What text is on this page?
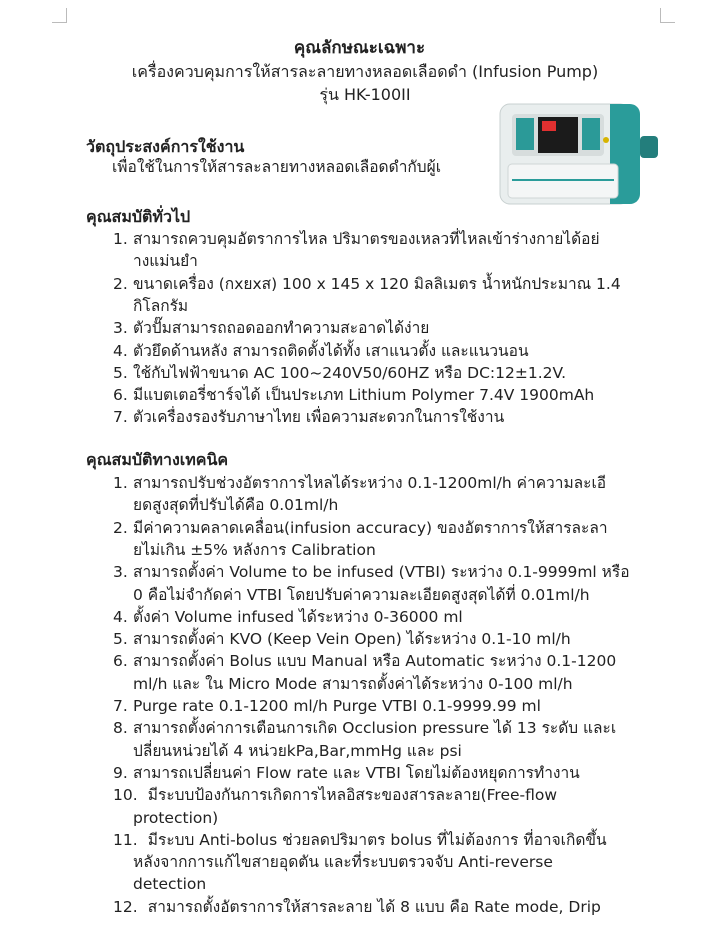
คุณลักษณะเฉพาะ
เครื่องควบคุมการให้สารละลายทางหลอดเลือดดำ (Infusion Pump)
รุ่น HK-100II
วัตถุประสงค์การใช้งาน
เพื่อใช้ในการให้สารละลายทางหลอดเลือดดำกับผู้เ
คุณสมบัติทั่วไป
1. สามารถควบคุมอัตราการไหล ปริมาตรของเหลวที่ไหลเข้าร่างกายได้อย่
างแม่นยำ
2. ขนาดเครื่อง (กxยxส) 100 x 145 x 120 มิลลิเมตร น้ำหนักประมาณ 1.4
กิโลกรัม
3. ตัวปั๊มสามารถถอดออกทำความสะอาดได้ง่าย
4. ตัวยึดด้านหลัง สามารถติดตั้งได้ทั้ง เสาแนวตั้ง และแนวนอน
5. ใช้กับไฟฟ้าขนาด AC 100~240V50/60HZ หรือ DC:12±1.2V.
6. มีแบตเตอรี่ชาร์จได้ เป็นประเภท Lithium Polymer 7.4V 1900mAh
7. ตัวเครื่องรองรับภาษาไทย เพื่อความสะดวกในการใช้งาน
คุณสมบัติทางเทคนิค
1. สามารถปรับช่วงอัตราการไหลได้ระหว่าง 0.1-1200ml/h ค่าความละเอี
ยดสูงสุดที่ปรับได้คือ 0.01ml/h
2. มีค่าความคลาดเคลื่อน(infusion accuracy) ของอัตราการให้สารละลา
ยไม่เกิน ±5% หลังการ Calibration
3. สามารถตั้งค่า Volume to be infused (VTBI) ระหว่าง 0.1-9999ml หรือ
0 คือไม่จำกัดค่า VTBI โดยปรับค่าความละเอียดสูงสุดได้ที่ 0.01ml/h
4. ตั้งค่า Volume infused ได้ระหว่าง 0-36000 ml
5. สามารถตั้งค่า KVO (Keep Vein Open) ได้ระหว่าง 0.1-10 ml/h
6. สามารถตั้งค่า Bolus แบบ Manual หรือ Automatic ระหว่าง 0.1-1200
ml/h และ ใน Micro Mode สามารถตั้งค่าได้ระหว่าง 0-100 ml/h
7. Purge rate 0.1-1200 ml/h Purge VTBI 0.1-9999.99 ml
8. สามารถตั้งค่าการเตือนการเกิด Occlusion pressure ได้ 13 ระดับ และเ
ปลี่ยนหน่วยได้ 4 หน่วยkPa,Bar,mmHg และ psi
9. สามารถเปลี่ยนค่า Flow rate และ VTBI โดยไม่ต้องหยุดการทำงาน
10.
มีระบบป้องกันการเกิดการไหลอิสระของสารละลาย(Free-flow
protection)
11.
มีระบบ Anti-bolus ช่วยลดปริมาตร bolus ที่ไม่ต้องการ ที่อาจเกิดขึ้น
หลังจากการแก้ไขสายอุดตัน และที่ระบบตรวจจับ Anti-reverse
detection
12.
สามารถตั้งอัตราการให้สารละลาย ได้ 8 แบบ คือ Rate mode, Drip
